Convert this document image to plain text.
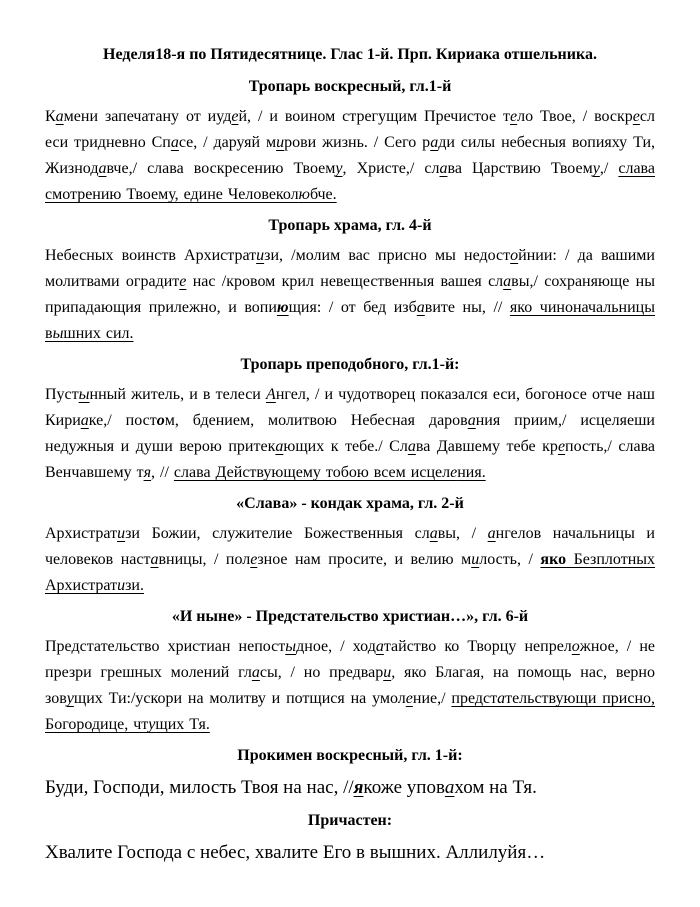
Неделя18-я по Пятидесятнице. Глас 1-й. Прп. Кириака отшельника.
Тропарь воскресный, гл.1-й

Камени запечатану от иудей, / и воином стрегущим Пречистое тело Твое, / воскресл еси тридневно Спасе, / даруяй мирови жизнь. / Сего ради силы небесныя вопияху Ти, Жизнодавче,/ слава воскресению Твоему, Христе,/ слава Царствию Твоему,/ слава смотрению Твоему, едине Человеколюбче.

Тропарь храма, гл. 4-й

Небесных воинств Архистратизи, /молим вас присно мы недостойнии: / да вашими молитвами оградите нас /кровом крил невещественныя вашея славы,/ сохраняюще ны припадающия прилежно, и вопиющия: / от бед избавите ны, // яко чиноначальницы вышних сил.

Тропарь преподобного, гл.1-й:

Пустынный житель, и в телеси Ангел, / и чудотворец показался еси, богоносе отче наш Кириаке,/ постом, бдением, молитвою Небесная дарования приим,/ исцеляеши недужныя и души верою притекающих к тебе./ Слава Давшему тебе крепость,/ слава Венчавшему тя, // слава Действующему тобою всем исцеления.

«Слава» - кондак храма, гл. 2-й

Архистратизи Божии, служителие Божественныя славы, / ангелов начальницы и человеков наставницы, / полезное нам просите, и велию милость, / яко Безплотных Архистратизи.

«И ныне» - Предстательство христиан…», гл. 6-й

Предстательство христиан непостыдное, / ходатайство ко Творцу непреложное, / не презри грешных молений гласы, / но предвари, яко Благая, на помощь нас, верно зовущих Ти:/ускори на молитву и потщися на умоление,/ предстательствующи присно, Богородице, чтущих Тя.

Прокимен воскресный, гл. 1-й:

Буди, Господи, милость Твоя на нас, //якоже уповахом на Тя.

Причастен:

Хвалите Господа с небес, хвалите Его в вышних. Аллилуйя…
